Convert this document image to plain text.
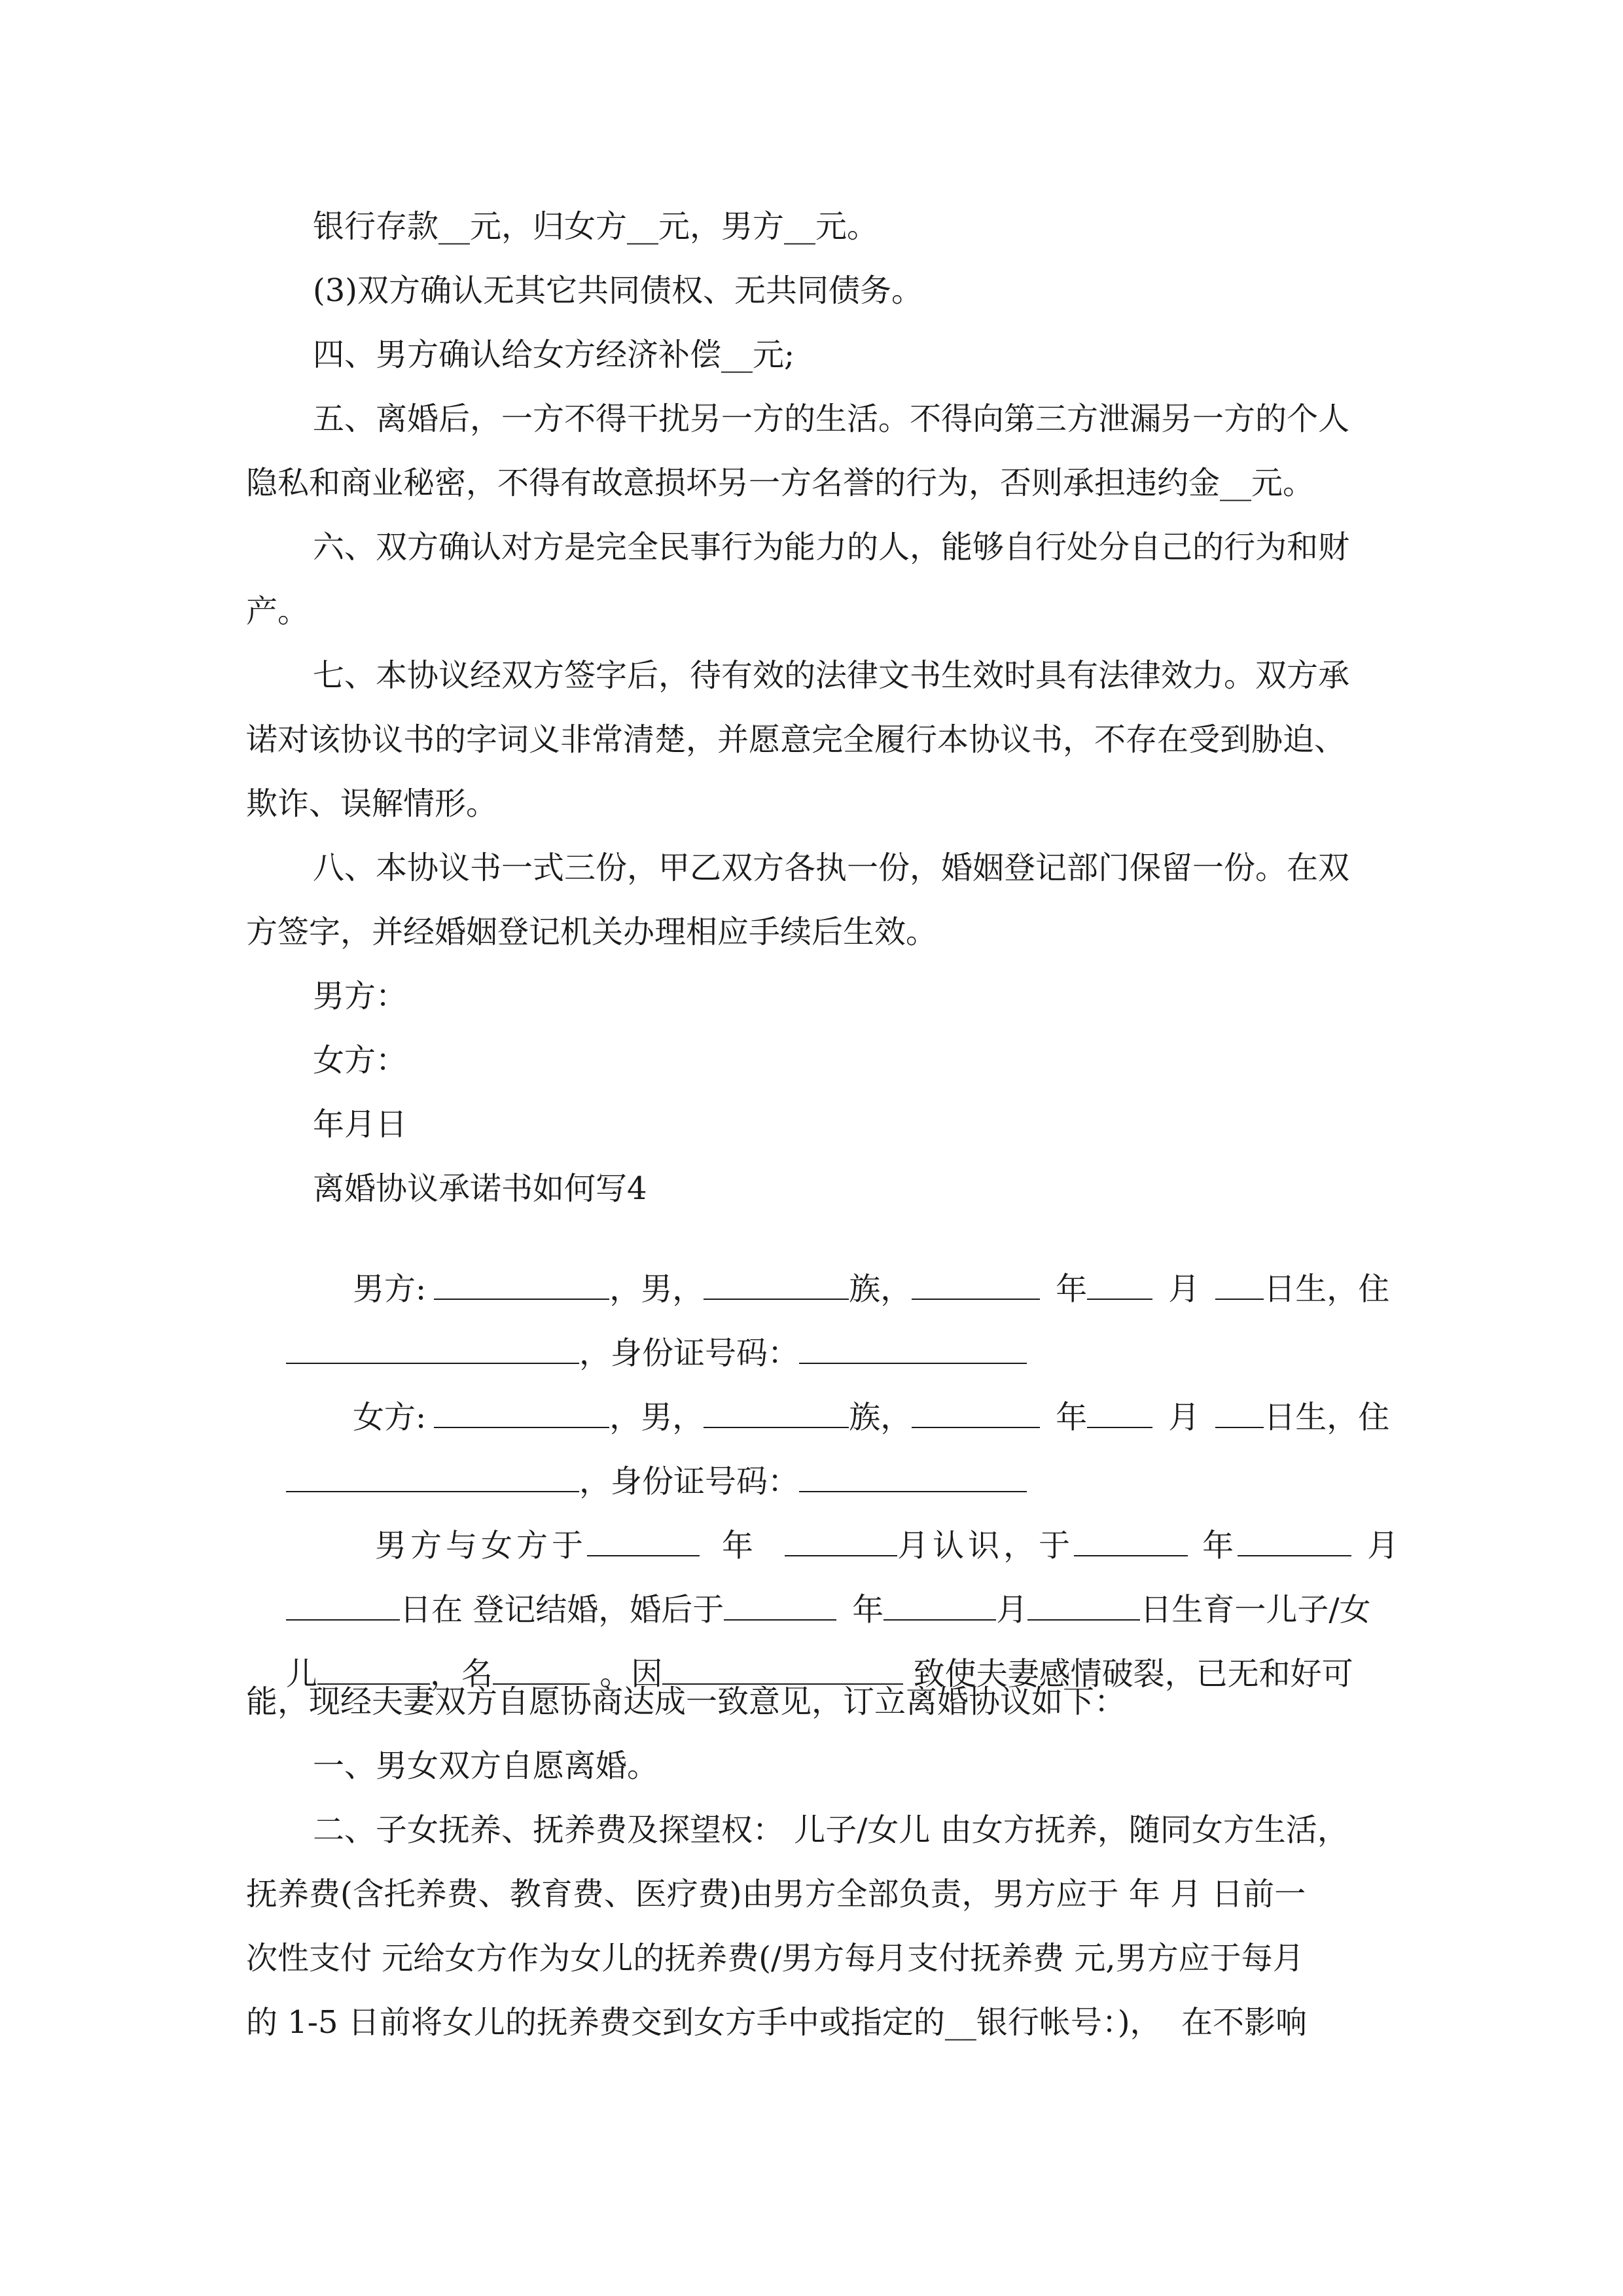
银行存款__元，归女方__元，男方__元。
(3)双方确认无其它共同债权、无共同债务。
四、男方确认给女方经济补偿__元;
五、离婚后，一方不得干扰另一方的生活。不得向第三方泄漏另一方的个人
隐私和商业秘密，不得有故意损坏另一方名誉的行为，否则承担违约金__元。
六、双方确认对方是完全民事行为能力的人，能够自行处分自己的行为和财
产。
七、本协议经双方签字后，待有效的法律文书生效时具有法律效力。双方承
诺对该协议书的字词义非常清楚，并愿意完全履行本协议书，不存在受到胁迫、
欺诈、误解情形。
八、本协议书一式三份，甲乙双方各执一份，婚姻登记部门保留一份。在双
方签字，并经婚姻登记机关办理相应手续后生效。
男方：
女方：
年月日
离婚协议承诺书如何写4

男方:	，男，	族，	年	月 日生，住

，身份证号码：

女方:	，男，	族，	年	月 日生，住

，身份证号码：

男方与女方于	年	月认识，于	年	月

日在 登记结婚，婚后于	年	月	日生育一儿子/女

儿	，名	。因	致使夫妻感情破裂，已无和好可

能，现经夫妻双方自愿协商达成一致意见，订立离婚协议如下：
一、男女双方自愿离婚。
二、子女抚养、抚养费及探望权： 儿子/女儿 由女方抚养，随同女方生活，
抚养费(含托养费、教育费、医疗费)由男方全部负责，男方应于 年 月 日前一
次性支付 元给女方作为女儿的抚养费(/男方每月支付抚养费 元,男方应于每月
的 1-5 日前将女儿的抚养费交到女方手中或指定的__银行帐号：)，  在不影响
